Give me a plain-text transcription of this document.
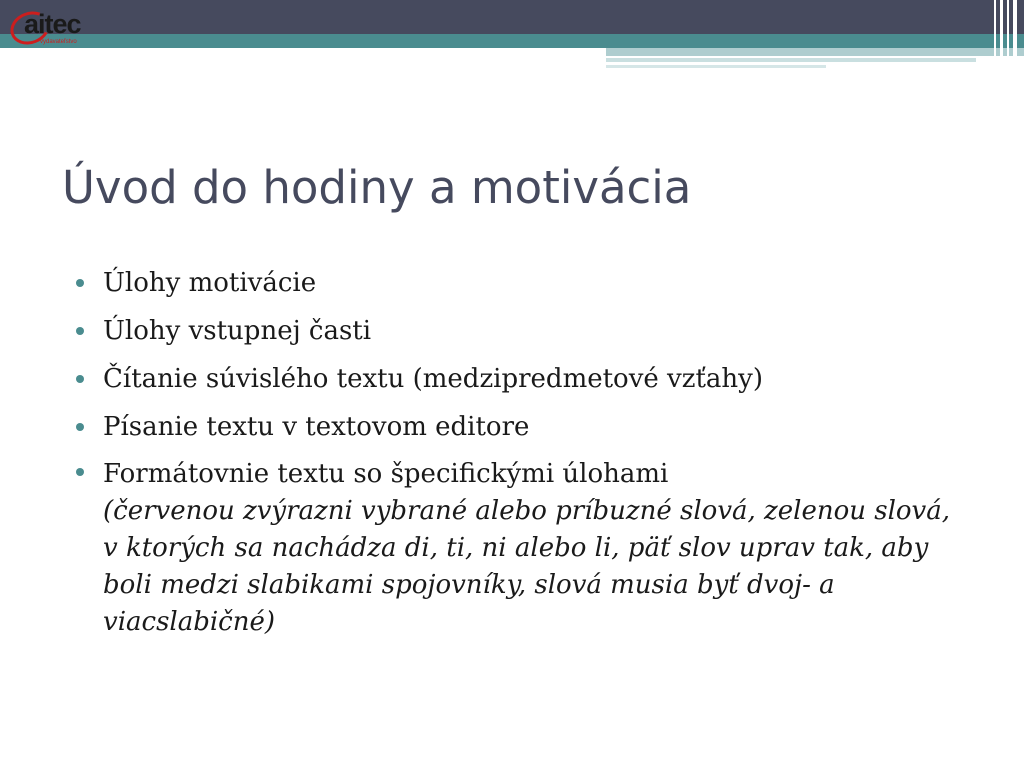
aitec
vydavateľstvo
Úvod do hodiny a motivácia
Úlohy motivácie
Úlohy vstupnej časti
Čítanie súvislého textu (medzipredmetové vzťahy)
Písanie textu v textovom editore
Formátovnie textu so špecifickými úlohami
(červenou zvýrazni vybrané alebo príbuzné slová, zelenou slová, v ktorých sa nachádza di, ti, ni alebo li, päť slov uprav tak, aby boli medzi slabikami spojovníky, slová musia byť dvoj- a viacslabičné)
